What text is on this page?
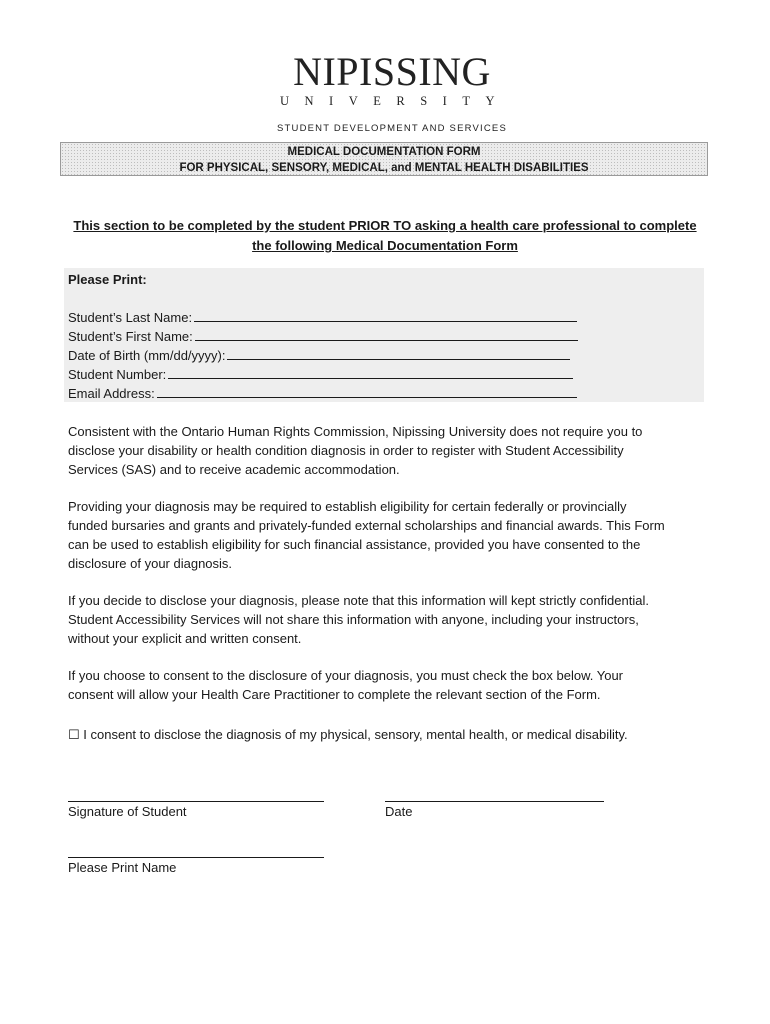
NIPISSING
UNIVERSITY
STUDENT DEVELOPMENT AND SERVICES
MEDICAL DOCUMENTATION FORM
FOR PHYSICAL, SENSORY, MEDICAL, and MENTAL HEALTH DISABILITIES
This section to be completed by the student PRIOR TO asking a health care professional to complete
the following Medical Documentation Form
Please Print:
Student’s Last Name:
Student’s First Name:
Date of Birth (mm/dd/yyyy):
Student Number:
Email Address:
Consistent with the Ontario Human Rights Commission, Nipissing University does not require you to
disclose your disability or health condition diagnosis in order to register with Student Accessibility
Services (SAS) and to receive academic accommodation.
Providing your diagnosis may be required to establish eligibility for certain federally or provincially
funded bursaries and grants and privately-funded external scholarships and financial awards. This Form
can be used to establish eligibility for such financial assistance, provided you have consented to the
disclosure of your diagnosis.
If you decide to disclose your diagnosis, please note that this information will kept strictly confidential.
Student Accessibility Services will not share this information with anyone, including your instructors,
without your explicit and written consent.
If you choose to consent to the disclosure of your diagnosis, you must check the box below. Your
consent will allow your Health Care Practitioner to complete the relevant section of the Form.
☐ I consent to disclose the diagnosis of my physical, sensory, mental health, or medical disability.
Signature of Student	Date
Please Print Name
